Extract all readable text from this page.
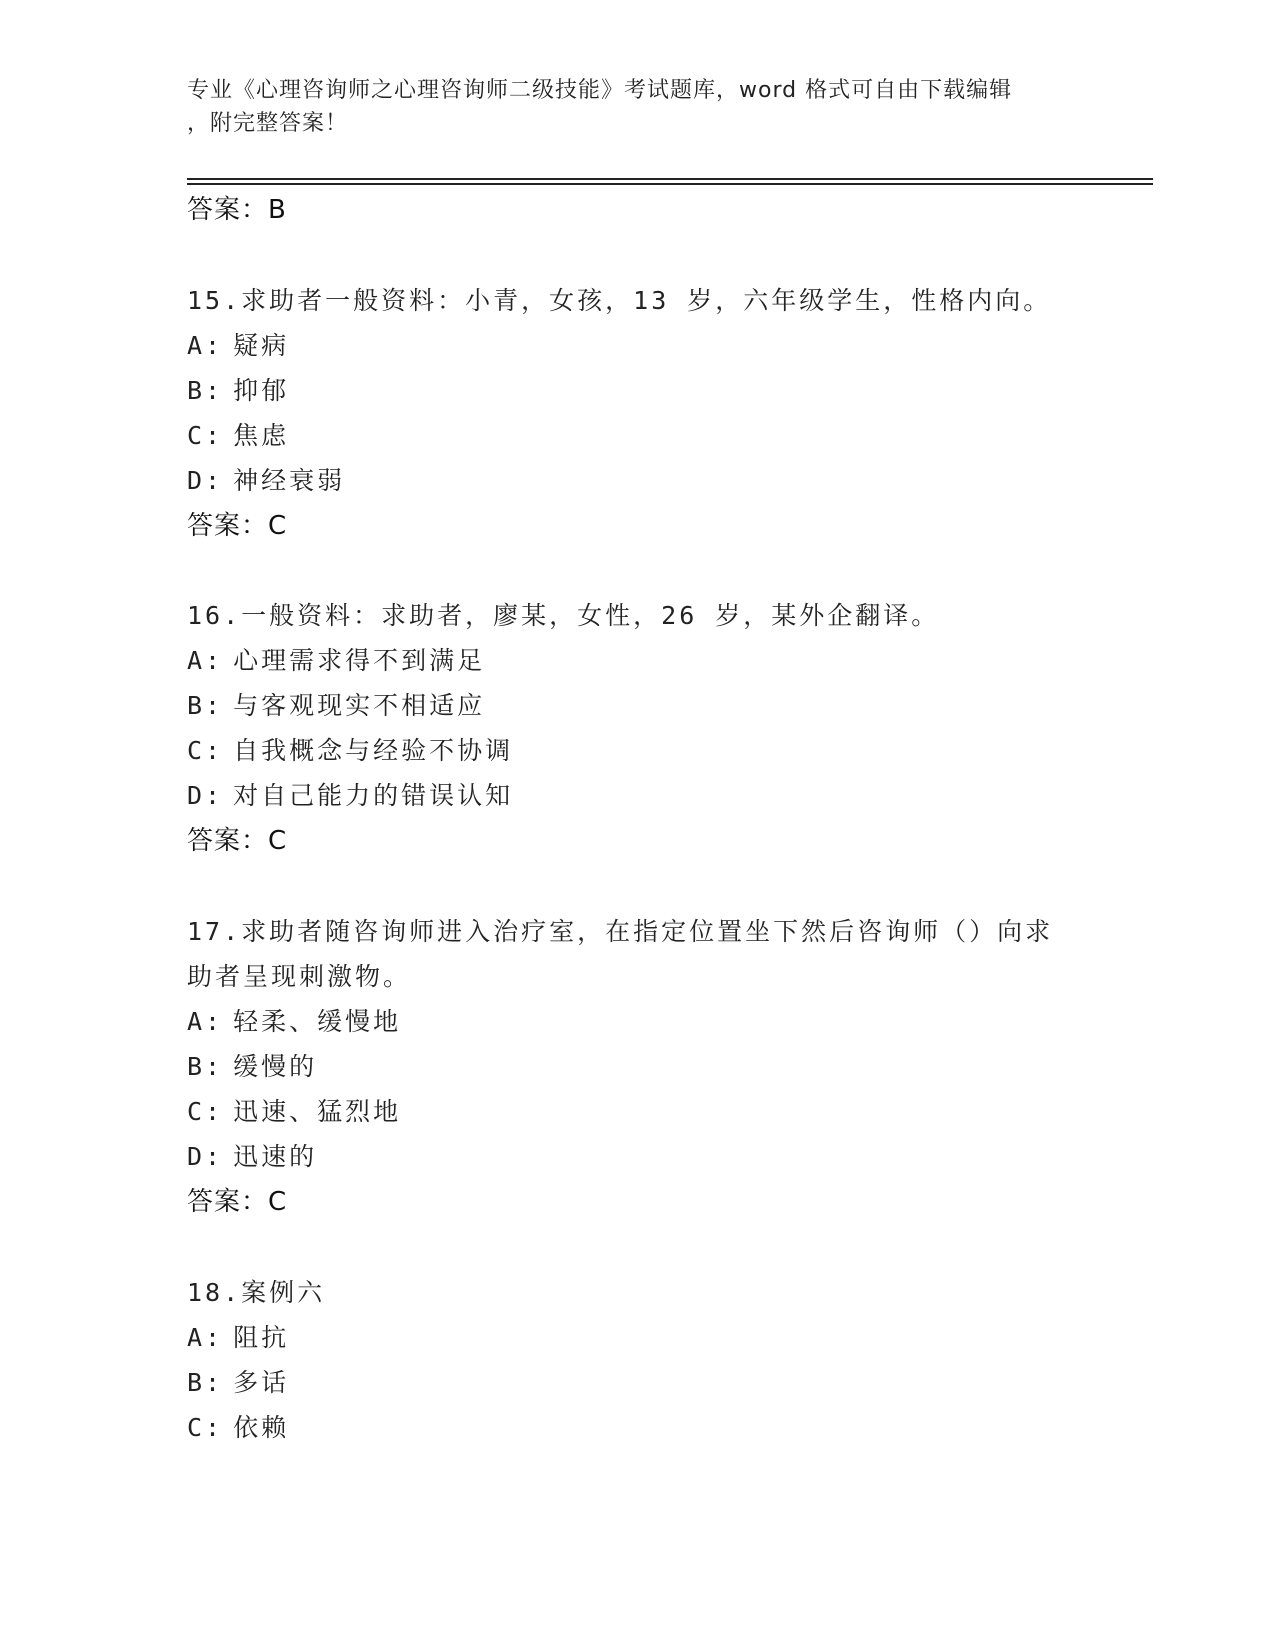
专业《心理咨询师之心理咨询师二级技能》考试题库，word 格式可自由下载编辑
，附完整答案！
答案：B
15.求助者一般资料：小青，女孩，13 岁，六年级学生，性格内向。
A: 疑病
B: 抑郁
C: 焦虑
D: 神经衰弱
答案：C
16.一般资料：求助者，廖某，女性，26 岁，某外企翻译。
A: 心理需求得不到满足
B: 与客观现实不相适应
C: 自我概念与经验不协调
D: 对自己能力的错误认知
答案：C
17.求助者随咨询师进入治疗室，在指定位置坐下然后咨询师（）向求
助者呈现刺激物。
A: 轻柔、缓慢地
B: 缓慢的
C: 迅速、猛烈地
D: 迅速的
答案：C
18.案例六
A: 阻抗
B: 多话
C: 依赖
